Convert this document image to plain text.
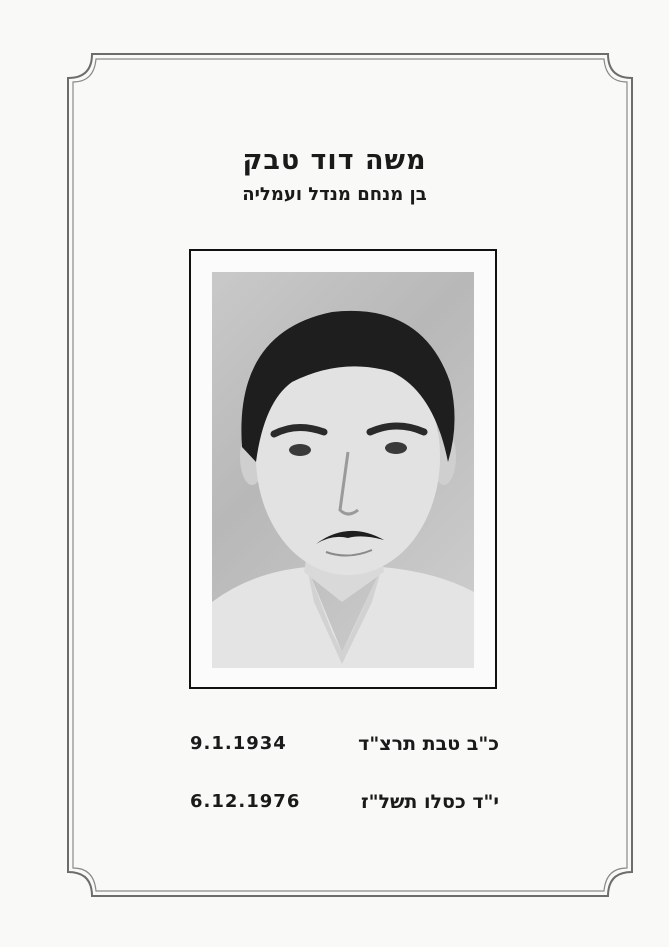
משה דוד טבק
בן מנחם מנדל ועמליה
9.1.1934	כ"ב טבת תרצ"ד
6.12.1976	י"ד כסלו תשל"ז
